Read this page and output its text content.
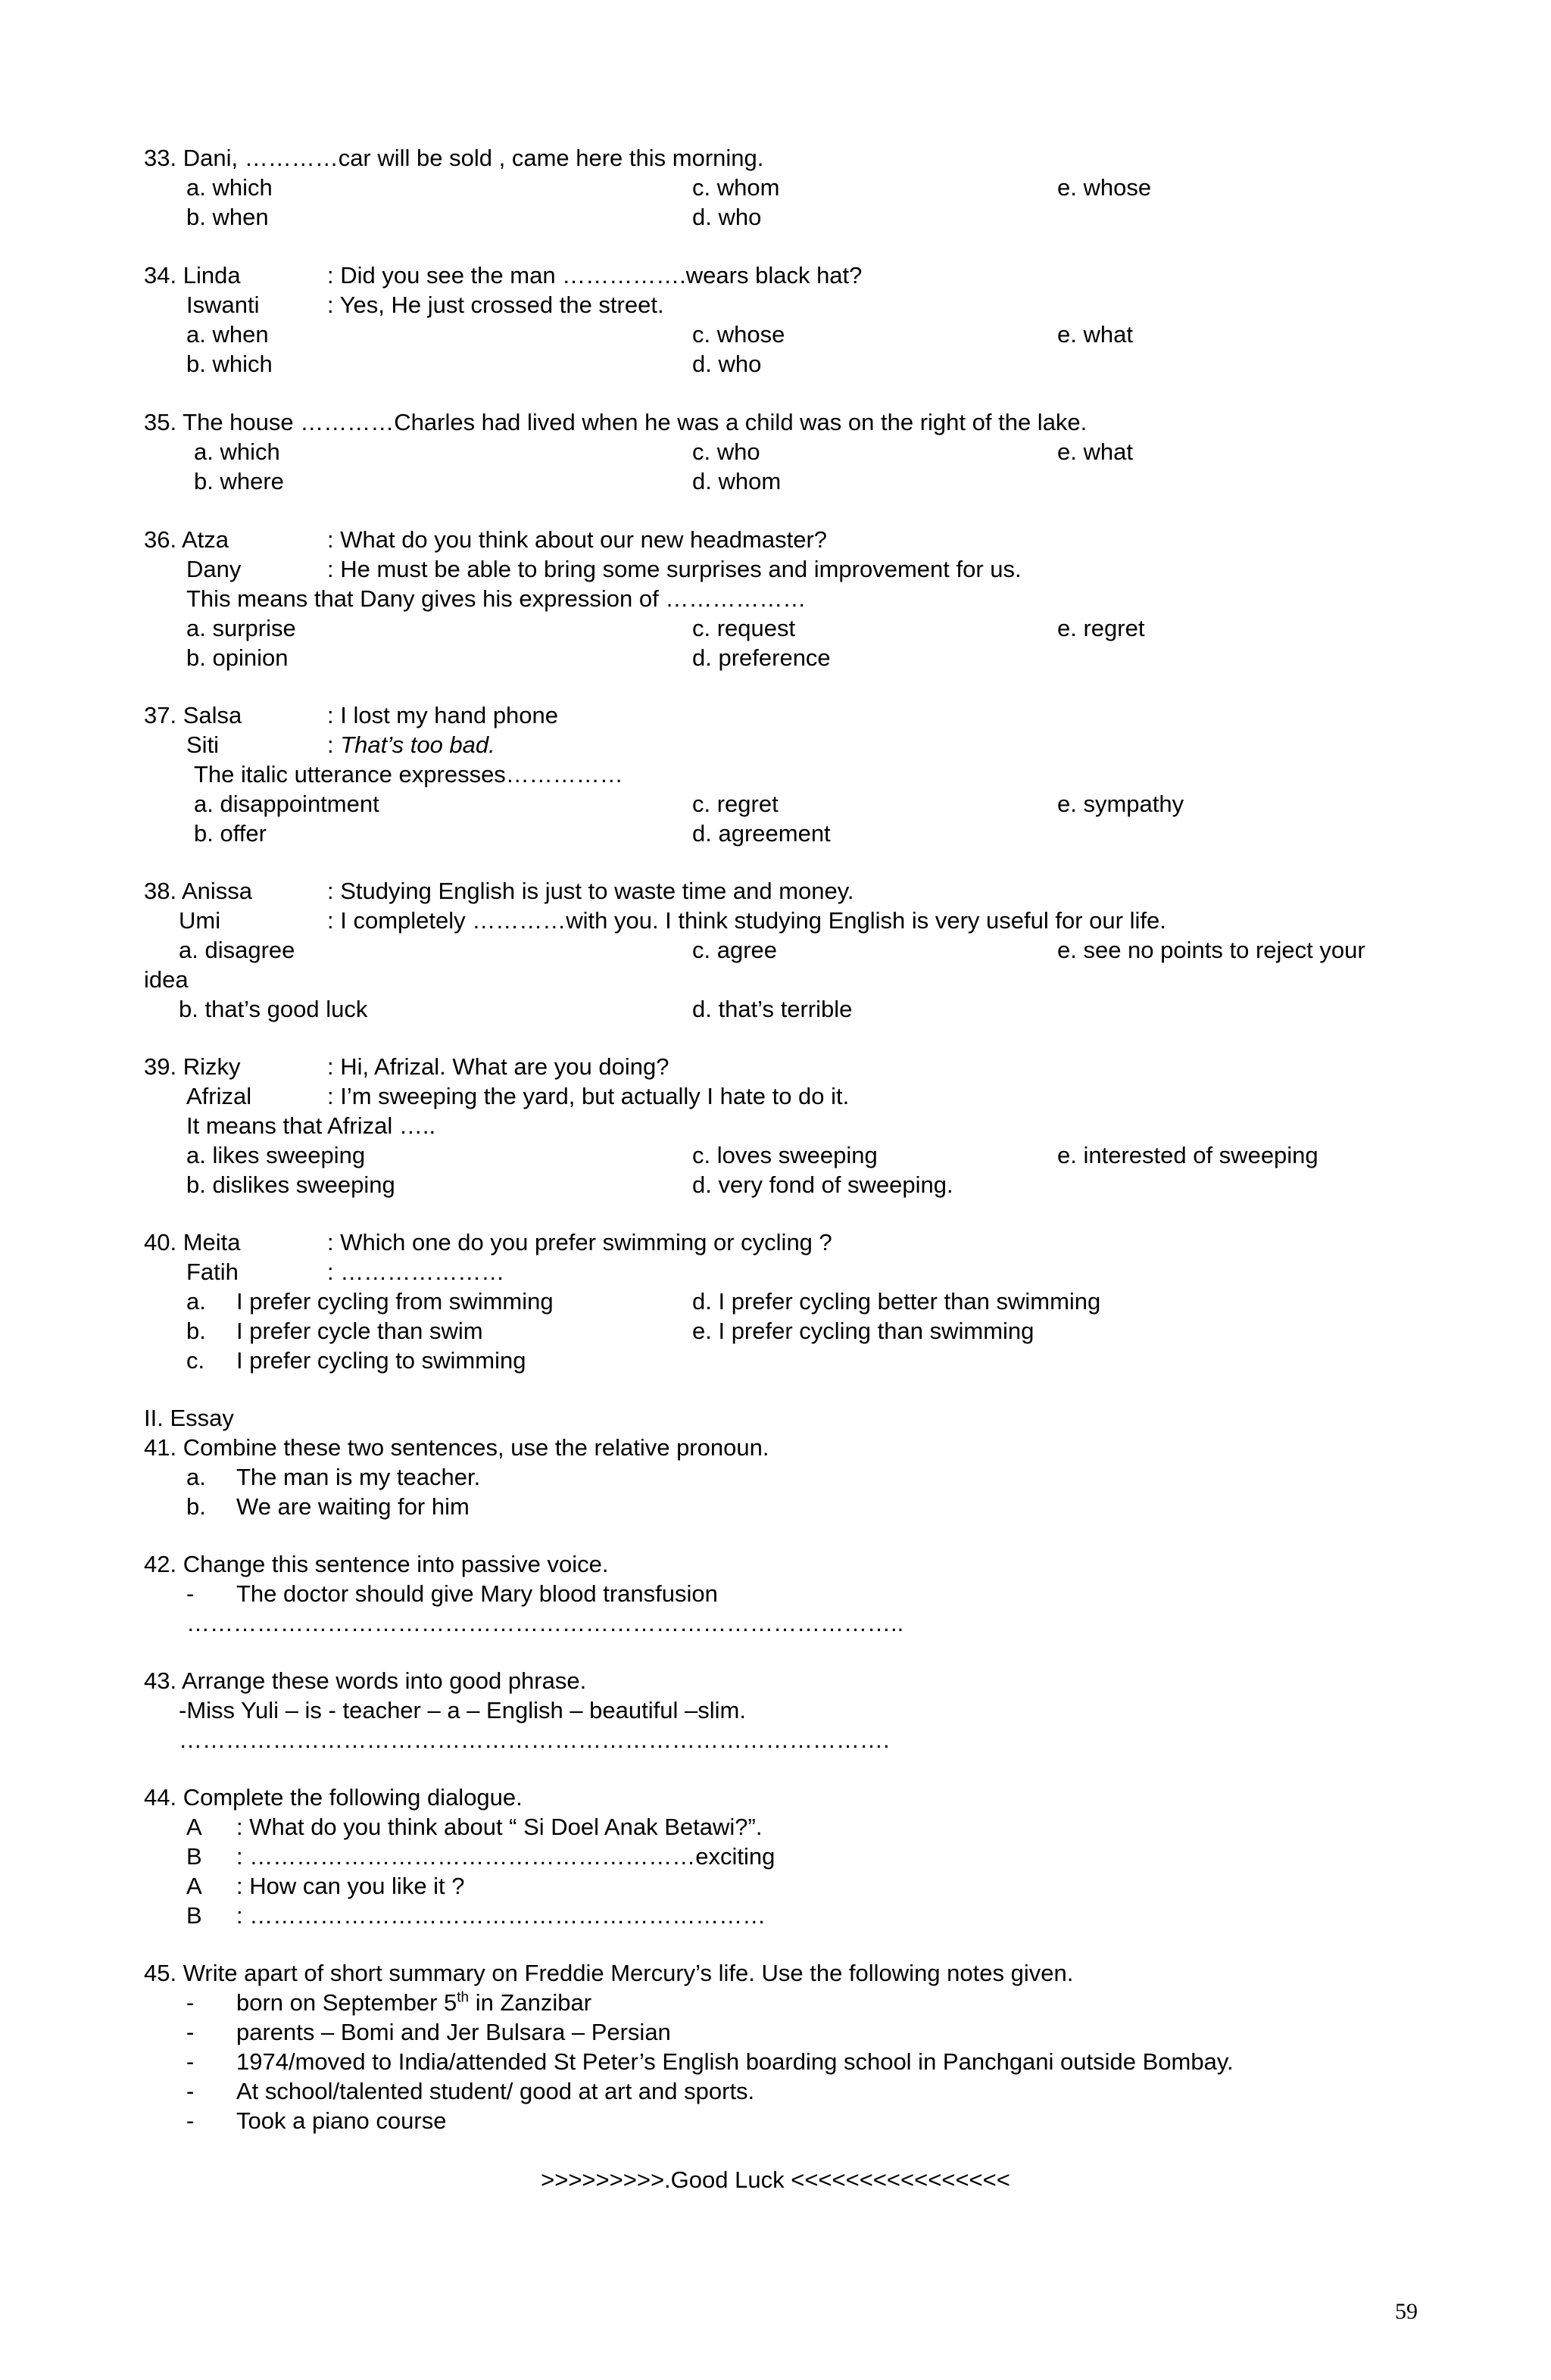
33. Dani, …………car will be sold , came here this morning.
a. which	c. whom	e. whose
b. when	d. who
34. Linda	: Did you see the man …………….wears black hat?
Iswanti	: Yes, He just crossed the street.
a. when	c. whose	e. what
b. which	d. who
35. The house …………Charles had lived when he was a child was on the right of the lake.
a. which	c. who	e. what
b. where	d. whom
36. Atza	: What do you think about our new headmaster?
Dany	: He must be able to bring some surprises and improvement for us.
This means that Dany gives his expression of ………………
a. surprise	c. request	e. regret
b. opinion	d. preference
37. Salsa	: I lost my hand phone
Siti	: That’s too bad.
The italic utterance expresses……………
a. disappointment	c. regret	e. sympathy
b. offer	d. agreement
38. Anissa	: Studying English is just to waste time and money.
Umi	: I completely …………with you. I think studying English is very useful for our life.
a. disagree	c. agree	e. see no points to reject your
idea
b. that’s good luck	d. that’s terrible
39. Rizky	: Hi, Afrizal. What are you doing?
Afrizal	: I’m sweeping the yard, but actually I hate to do it.
It means that Afrizal …..
a. likes sweeping	c. loves sweeping	e. interested of sweeping
b. dislikes sweeping	d. very fond of sweeping.
40. Meita	: Which one do you prefer swimming or cycling ?
Fatih	: …………………
a. I prefer cycling from swimming	d. I prefer cycling better than swimming
b. I prefer cycle than swim	e. I prefer cycling than swimming
c. I prefer cycling to swimming
II. Essay
41. Combine these two sentences, use the relative pronoun.
a. The man is my teacher.
b. We are waiting for him
42. Change this sentence into passive voice.
- The doctor should give Mary blood transfusion
………………………………………………………………………………..
43. Arrange these words into good phrase.
-Miss Yuli – is - teacher – a – English – beautiful –slim.
……………………………………………………………………………….
44. Complete the following dialogue.
A : What do you think about “ Si Doel Anak Betawi?”.
B : …………………………………………………exciting
A : How can you like it ?
B : …………………………………………………………
45. Write apart of short summary on Freddie Mercury’s life. Use the following notes given.
- born on September 5th in Zanzibar
- parents – Bomi and Jer Bulsara – Persian
- 1974/moved to India/attended St Peter’s English boarding school in Panchgani outside Bombay.
- At school/talented student/ good at art and sports.
- Took a piano course
>>>>>>>>>.Good Luck <<<<<<<<<<<<<<<<
59
